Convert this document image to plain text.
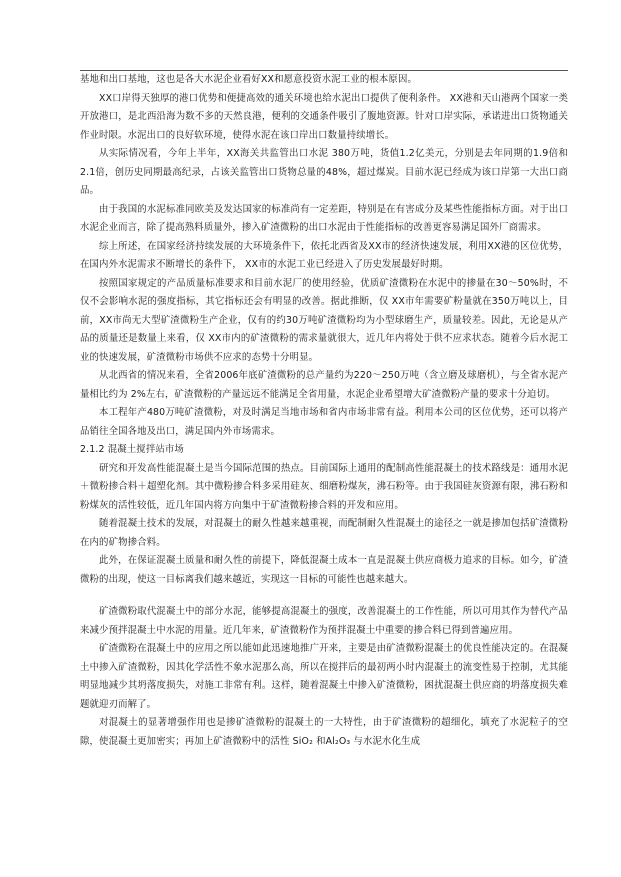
基地和出口基地，这也是各大水泥企业看好XX和愿意投资水泥工业的根本原因。

XX口岸得天独厚的港口优势和便捷高效的通关环境也给水泥出口提供了便利条件。 XX港和天山港两个国家一类开放港口，是北西沿海为数不多的天然良港，便利的交通条件吸引了腹地资源。针对口岸实际，承诺进出口货物通关作业时限。水泥出口的良好软环境，使得水泥在该口岸出口数量持续增长。

从实际情况看，今年上半年，XX海关共监管出口水泥 380万吨，货值1.2亿美元，分别是去年同期的1.9倍和2.1倍，创历史同期最高纪录，占该关监管出口货物总量的48%，超过煤炭。目前水泥已经成为该口岸第一大出口商品。

由于我国的水泥标准同欧美及发达国家的标准尚有一定差距，特别是在有害成分及某些性能指标方面。对于出口水泥企业而言，除了提高熟料质量外，掺入矿渣微粉的出口水泥由于性能指标的改善更容易满足国外厂商需求。

综上所述，在国家经济持续发展的大环境条件下，依托北西省及XX市的经济快速发展，利用XX港的区位优势，在国内外水泥需求不断增长的条件下， XX市的水泥工业已经进入了历史发展最好时期。

按照国家规定的产品质量标准要求和目前水泥厂的使用经验，优质矿渣微粉在水泥中的掺量在30～50%时，不仅不会影响水泥的强度指标，其它指标还会有明显的改善。据此推断，仅 XX市年需要矿粉量就在350万吨以上，目前，XX市尚无大型矿渣微粉生产企业，仅有的约30万吨矿渣微粉均为小型球磨生产，质量较差。因此，无论是从产品的质量还是数量上来看，仅 XX市内的矿渣微粉的需求量就很大，近几年内将处于供不应求状态。随着今后水泥工业的快速发展，矿渣微粉市场供不应求的态势十分明显。

从北西省的情况来看，全省2006年底矿渣微粉的总产量约为220～250万吨（含立磨及球磨机），与全省水泥产量相比约为 2%左右，矿渣微粉的产量远远不能满足全省用量，水泥企业希望增大矿渣微粉产量的要求十分迫切。

本工程年产480万吨矿渣微粉，对及时满足当地市场和省内市场非常有益。利用本公司的区位优势，还可以将产品销往全国各地及出口，满足国内外市场需求。

2.1.2 混凝土搅拌站市场

研究和开发高性能混凝土是当今国际范围的热点。目前国际上通用的配制高性能混凝土的技术路线是：通用水泥＋微粉掺合料＋超塑化剂。其中微粉掺合料多采用硅灰、细磨粉煤灰，沸石粉等。由于我国硅灰资源有限，沸石粉和粉煤灰的活性较低，近几年国内将方向集中于矿渣微粉掺合料的开发和应用。

随着混凝土技术的发展，对混凝土的耐久性越来越重视，而配制耐久性混凝土的途径之一就是掺加包括矿渣微粉在内的矿物掺合料。

此外，在保证混凝土质量和耐久性的前提下，降低混凝土成本一直是混凝土供应商极力追求的目标。如今，矿渣微粉的出现，使这一目标离我们越来越近，实现这一目标的可能性也越来越大。

矿渣微粉取代混凝土中的部分水泥，能够提高混凝土的强度，改善混凝土的工作性能，所以可用其作为替代产品来减少预拌混凝土中水泥的用量。近几年来，矿渣微粉作为预拌混凝土中重要的掺合料已得到普遍应用。

矿渣微粉在混凝土中的应用之所以能如此迅速地推广开来，主要是由矿渣微粉混凝土的优良性能决定的。在混凝土中掺入矿渣微粉，因其化学活性不象水泥那么高，所以在搅拌后的最初两小时内混凝土的流变性易于控制，尤其能明显地减少其坍落度损失，对施工非常有利。这样，随着混凝土中掺入矿渣微粉，困扰混凝土供应商的坍落度损失难题就迎刃而解了。

对混凝土的显著增强作用也是掺矿渣微粉的混凝土的一大特性，由于矿渣微粉的超细化，填充了水泥粒子的空隙，使混凝土更加密实；再加上矿渣微粉中的活性 SiO₂ 和Al₂O₃ 与水泥水化生成
